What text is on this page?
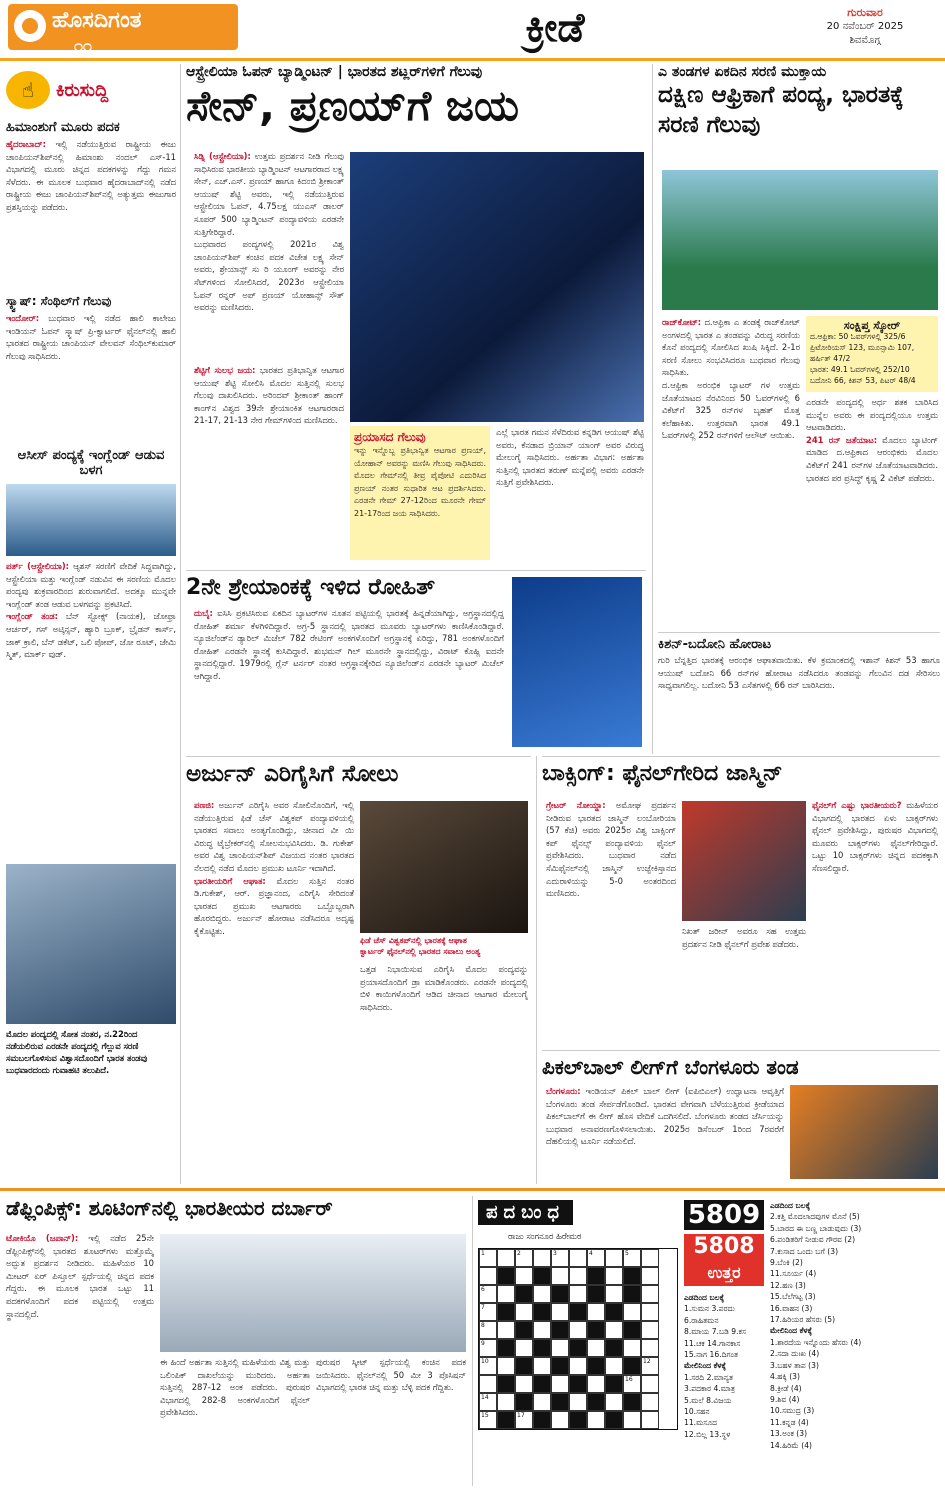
ಹೊಸದಿಗಂತ
೧೧	ಕ್ರೀಡೆ	ಗುರುವಾರ
20 ನವೆಂಬರ್ 2025
ಶಿವಮೊಗ್ಗ
☝	ಕಿರುಸುದ್ದಿ
ಹಿಮಾಂಶುಗೆ ಮೂರು ಪದಕ

ಹೈದರಾಬಾದ್: ಇಲ್ಲಿ ನಡೆಯುತ್ತಿರುವ ರಾಷ್ಟ್ರೀಯ ಈಜು ಚಾಂಪಿಯನ್‌ಶಿಪ್‌ನಲ್ಲಿ ಹಿಮಾಂಶು ನಂದಲ್ ಎಸ್-11 ವಿಭಾಗದಲ್ಲಿ ಮೂರು ಚಿನ್ನದ ಪದಕಗಳನ್ನು ಗೆದ್ದು ಗಮನ ಸೆಳೆದರು. ಈ ಮೂಲಕ ಬುಧವಾರ ಹೈದರಾಬಾದ್‌ನಲ್ಲಿ ನಡೆದ ರಾಷ್ಟ್ರೀಯ ಈಜು ಚಾಂಪಿಯನ್‌ಶಿಪ್‌ನಲ್ಲಿ ಅತ್ಯುತ್ತಮ ಈಜುಗಾರ ಪ್ರಶಸ್ತಿಯನ್ನು ಪಡೆದರು.

ಸ್ಕ್ವಾಷ್: ಸೆಂಥಿಲ್‌ಗೆ ಗೆಲುವು

ಇಂದೋರ್: ಬುಧವಾರ ಇಲ್ಲಿ ನಡೆದ ಹಾಲಿ ಕಾಲೇಜು ಇಂಡಿಯನ್ ಓಪನ್ ಸ್ಕ್ವಾಷ್ ಪ್ರಿ-ಕ್ವಾರ್ಟರ್ ಫೈನಲ್‌ನಲ್ಲಿ ಹಾಲಿ ಭಾರತದ ರಾಷ್ಟ್ರೀಯ ಚಾಂಪಿಯನ್ ವೇಲವನ್ ಸೆಂಥಿಲ್‌ಕುಮಾರ್ ಗೆಲುವು ಸಾಧಿಸಿದರು.

ಆಸೀಸ್ ಪಂದ್ಯಕ್ಕೆ ಇಂಗ್ಲೆಂಡ್ ಆಡುವ ಬಳಗ

ಪರ್ತ್ (ಆಸ್ಟ್ರೇಲಿಯಾ): ಆ್ಯಶಸ್ ಸರಣಿಗೆ ವೇದಿಕೆ ಸಿದ್ಧವಾಗಿದ್ದು, ಆಸ್ಟ್ರೇಲಿಯಾ ಮತ್ತು ಇಂಗ್ಲೆಂಡ್ ನಡುವಿನ ಈ ಸರಣಿಯ ಮೊದಲ ಪಂದ್ಯವು ಶುಕ್ರವಾರದಿಂದ ಶುರುವಾಗಲಿದೆ. ಅದಕ್ಕೂ ಮುನ್ನವೇ ಇಂಗ್ಲೆಂಡ್ ತಂಡ ಆಡುವ ಬಳಗವನ್ನು ಪ್ರಕಟಿಸಿದೆ.

ಇಂಗ್ಲೆಂಡ್ ತಂಡ: ಬೆನ್ ಸ್ಟೋಕ್ಸ್ (ನಾಯಕ), ಜೋಫ್ರಾ ಆರ್ಚರ್, ಗಸ್ ಅಟ್ಕಿನ್ಸನ್, ಹ್ಯಾರಿ ಬ್ರೂಕ್, ಬ್ರೈಡನ್ ಕಾರ್ಸ್, ಜಾಕ್ ಕ್ರಾಲಿ, ಬೆನ್ ಡಕೆಟ್, ಒಲಿ ಪೋಪ್, ಜೋ ರೂಟ್, ಜೇಮಿ ಸ್ಮಿತ್, ಮಾರ್ಕ್ ವುಡ್.

ಮೊದಲ ಪಂದ್ಯದಲ್ಲಿ ಸೋತ ನಂತರ, ನ.22ರಿಂದ ನಡೆಯಲಿರುವ ಎರಡನೇ ಪಂದ್ಯದಲ್ಲಿ ಗೆಲ್ಲುವ ಸರಣಿ ಸಮಬಲಗೊಳಿಸುವ ವಿಶ್ವಾಸದೊಂದಿಗೆ ಭಾರತ ತಂಡವು ಬುಧವಾರದಂದು ಗುವಾಹಟಿ ತಲುಪಿದೆ.
ಆಸ್ಟ್ರೇಲಿಯಾ ಓಪನ್ ಬ್ಯಾಡ್ಮಿಂಟನ್ | ಭಾರತದ ಶಟ್ಲರ್‌ಗಳಿಗೆ ಗೆಲುವು
ಸೇನ್, ಪ್ರಣಯ್‌ಗೆ ಜಯ

ಸಿಡ್ನಿ (ಆಸ್ಟ್ರೇಲಿಯಾ): ಉತ್ತಮ ಪ್ರದರ್ಶನ ನೀಡಿ ಗೆಲುವು ಸಾಧಿಸಿರುವ ಭಾರತೀಯ ಬ್ಯಾಡ್ಮಿಂಟನ್ ಆಟಗಾರರಾದ ಲಕ್ಷ್ಯ ಸೇನ್, ಎಚ್.ಎಸ್. ಪ್ರಣಯ್ ಹಾಗೂ ಕಿದಂಬಿ ಶ್ರೀಕಾಂತ್ ಆಯುಷ್ ಶೆಟ್ಟಿ ಅವರು, ಇಲ್ಲಿ ನಡೆಯುತ್ತಿರುವ ಆಸ್ಟ್ರೇಲಿಯಾ ಓಪನ್, 4.75ಲಕ್ಷ ಯುಎಸ್ ಡಾಲರ್ ಸೂಪರ್ 500 ಬ್ಯಾಡ್ಮಿಂಟನ್ ಪಂದ್ಯಾವಳಿಯ ಎರಡನೇ ಸುತ್ತಿಗೇರಿದ್ದಾರೆ.

ಬುಧವಾರದ ಪಂದ್ಯಗಳಲ್ಲಿ 2021ರ ವಿಶ್ವ ಚಾಂಪಿಯನ್‌ಶಿಪ್ ಕಂಚಿನ ಪದಕ ವಿಜೇತ ಲಕ್ಷ್ಯ ಸೇನ್ ಅವರು, ಶ್ರೇಯಾನ್ಸ್ ಸು ರಿ ಯೂಂಗ್ ಅವರನ್ನು ನೇರ ಸೆಟ್‌ಗಳಿಂದ ಸೋಲಿಸಿದರೆ, 2023ರ ಆಸ್ಟ್ರೇಲಿಯಾ ಓಪನ್ ರನ್ನರ್ ಅಪ್ ಪ್ರಣಯ್ ಯೋಹಾನ್ಸ್ ಸೌತ್ ಅವರನ್ನು ಮಣಿಸಿದರು.

ಶೆಟ್ಟಿಗೆ ಸುಲಭ ಜಯ: ಭಾರತದ ಪ್ರತಿಭಾನ್ವಿತ ಆಟಗಾರ ಆಯುಷ್ ಶೆಟ್ಟಿ ಸೋಲಿಸಿ ಮೊದಲ ಸುತ್ತಿನಲ್ಲಿ ಸುಲಭ ಗೆಲುವು ದಾಖಲಿಸಿದರು. ಅರಿಂದವ್ ಶ್ರೀಕಾಂತ್ ಹಾಂಗ್ ಕಾಂಗ್‌ನ ವಿಶ್ವದ 39ನೇ ಶ್ರೇಯಾಂಕಿತ ಆಟಗಾರರಾದ 21-17, 21-13 ನೇರ ಗೇಮ್‌ಗಳಿಂದ ಮಣಿಸಿದರು.

ಪ್ರಯಾಸದ ಗೆಲುವು
ಇನ್ನು ಇನ್ನೊಬ್ಬ ಪ್ರತಿಭಾನ್ವಿತ ಆಟಗಾರ ಪ್ರಣಯ್, ಯೋಹಾನ್ ಅವರನ್ನು ಮಣಿಸಿ ಗೆಲುವು ಸಾಧಿಸಿದರು. ಮೊದಲ ಗೇಮ್‌ನಲ್ಲಿ ತೀವ್ರ ಪೈಪೋಟಿ ಎದುರಿಸಿದ ಪ್ರಣಯ್ ನಂತರ ಸುಧಾರಿತ ಆಟ ಪ್ರದರ್ಶಿಸಿದರು. ಎರಡನೇ ಗೇಮ್ 27-12ರಿಂದ ಮೂರನೇ ಗೇಮ್ 21-17ರಿಂದ ಜಯ ಸಾಧಿಸಿದರು.
ಎಲ್ಲೆ ಭಾರತ ಗಮನ ಸೆಳೆದಿರುವ ಕನ್ನಡಿಗ ಆಯುಷ್ ಶೆಟ್ಟಿ ಅವರು, ಕೆನಡಾದ ಬ್ರಿಯಾನ್ ಯಾಂಗ್ ಅವರ ವಿರುದ್ಧ ಮೇಲುಗೈ ಸಾಧಿಸಿದರು. ಅರ್ಹತಾ ವಿಭಾಗ: ಅರ್ಹತಾ ಸುತ್ತಿನಲ್ಲಿ ಭಾರತದ ತರುಣ್ ಮನ್ನೆಪಲ್ಲಿ ಅವರು ಎರಡನೇ ಸುತ್ತಿಗೆ ಪ್ರವೇಶಿಸಿದರು.
2ನೇ ಶ್ರೇಯಾಂಕಕ್ಕೆ ಇಳಿದ ರೋಹಿತ್

ದುಬೈ: ಐಸಿಸಿ ಪ್ರಕಟಿಸಿರುವ ಏಕದಿನ ಬ್ಯಾಟರ್‌ಗಳ ನೂತನ ಪಟ್ಟಿಯಲ್ಲಿ ಭಾರತಕ್ಕೆ ಹಿನ್ನಡೆಯಾಗಿದ್ದು, ಅಗ್ರಸ್ಥಾನದಲ್ಲಿದ್ದ ರೋಹಿತ್ ಶರ್ಮಾ ಕೆಳಗಿಳಿದಿದ್ದಾರೆ. ಅಗ್ರ-5 ಸ್ಥಾನದಲ್ಲಿ ಭಾರತದ ಮೂವರು ಬ್ಯಾಟರ್‌ಗಳು ಕಾಣಿಸಿಕೊಂಡಿದ್ದಾರೆ. ನ್ಯೂಜಿಲೆಂಡ್‌ನ ಡ್ಯಾರಿಲ್ ಮಿಚೆಲ್ 782 ರೇಟಿಂಗ್ ಅಂಕಗಳೊಂದಿಗೆ ಅಗ್ರಸ್ಥಾನಕ್ಕೆ ಏರಿದ್ದು, 781 ಅಂಕಗಳೊಂದಿಗೆ ರೋಹಿತ್ ಎರಡನೇ ಸ್ಥಾನಕ್ಕೆ ಕುಸಿದಿದ್ದಾರೆ. ಶುಭಮನ್ ಗಿಲ್ ಮೂರನೇ ಸ್ಥಾನದಲ್ಲಿದ್ದು, ವಿರಾಟ್ ಕೊಹ್ಲಿ ಐದನೇ ಸ್ಥಾನದಲ್ಲಿದ್ದಾರೆ. 1979ರಲ್ಲಿ ಗ್ಲೆನ್ ಟರ್ನರ್ ನಂತರ ಅಗ್ರಸ್ಥಾನಕ್ಕೇರಿದ ನ್ಯೂಜಿಲೆಂಡ್‌ನ ಎರಡನೇ ಬ್ಯಾಟರ್ ಮಿಚೆಲ್ ಆಗಿದ್ದಾರೆ.

ಎ ತಂಡಗಳ ಏಕದಿನ ಸರಣಿ ಮುಕ್ತಾಯ
ದಕ್ಷಿಣ ಆಫ್ರಿಕಾಗೆ ಪಂದ್ಯ, ಭಾರತಕ್ಕೆ ಸರಣಿ ಗೆಲುವು

ರಾಜ್‌ಕೋಟ್: ದ.ಆಫ್ರಿಕಾ ಎ ತಂಡಕ್ಕೆ ರಾಜ್‌ಕೋಟ್ ಅಂಗಳದಲ್ಲಿ ಭಾರತ ಎ ತಂಡವನ್ನು ವಿರುದ್ಧ ಸರಣಿಯ ಕೊನೆ ಪಂದ್ಯದಲ್ಲಿ ಸೋಲಿಸಿದ ಖುಷಿ ಸಿಕ್ಕಿದೆ. 2-1ರ ಸರಣಿ ಸೋಲು ಸಂಭವಿಸಿದರೂ ಬುಧವಾರ ಗೆಲುವು ಸಾಧಿಸಿತು.

ದ.ಆಫ್ರಿಕಾ ಅರಂಭಿಕ ಬ್ಯಾಟರ್ ಗಳ ಉತ್ತಮ ಜೊತೆಯಾಟದ ನೆರವಿನಿಂದ 50 ಓವರ್‌ಗಳಲ್ಲಿ 6 ವಿಕೆಟ್‌ಗೆ 325 ರನ್‌ಗಳ ಬೃಹತ್ ಮೊತ್ತ ಕಲೆಹಾಕಿತು. ಉತ್ತರವಾಗಿ ಭಾರತ 49.1 ಓವರ್‌ಗಳಲ್ಲಿ 252 ರನ್‌ಗಳಿಗೆ ಆಲೌಟ್ ಆಯಿತು.

ಸಂಕ್ಷಿಪ್ತ ಸ್ಕೋರ್
ದ.ಆಫ್ರಿಕಾ: 50 ಓವರ್‌ಗಳಲ್ಲಿ 325/6
ಪ್ರಿಟೋರಿಯಸ್ 123, ಮೂನ್ಸಾಮಿ 107,
ಹರ್ಷಿತ್ 47/2
ಭಾರತ: 49.1 ಓವರ್‌ಗಳಲ್ಲಿ 252/10
ಬದೋನಿ 66, ಕಿಶನ್ 53, ಪಿಟರ್ 48/4

ಎರಡನೇ ಪಂದ್ಯದಲ್ಲಿ ಅರ್ಧ ಶತಕ ಬಾರಿಸಿದ ಮುನ್ನೆಲ ಅವರು ಈ ಪಂದ್ಯದಲ್ಲಿಯೂ ಉತ್ತಮ ಆಟವಾಡಿದರು.

241 ರನ್ ಜತೆಯಾಟ: ಮೊದಲು ಬ್ಯಾಟಿಂಗ್ ಮಾಡಿದ ದ.ಆಫ್ರಿಕಾದ ಆರಂಭಿಕರು ಮೊದಲ ವಿಕೆಟ್‌ಗೆ 241 ರನ್‌ಗಳ ಜೊತೆಯಾಟವಾಡಿದರು. ಭಾರತದ ಪರ ಪ್ರಸಿದ್ಧ್ ಕೃಷ್ಣ 2 ವಿಕೆಟ್ ಪಡೆದರು.

ಕಿಶನ್-ಬದೋನಿ ಹೋರಾಟ
ಗುರಿ ಬೆನ್ನತ್ತಿದ ಭಾರತಕ್ಕೆ ಆರಂಭಿಕ ಆಘಾತವಾಯಿತು. ಕೆಳ ಕ್ರಮಾಂಕದಲ್ಲಿ ಇಶಾನ್ ಕಿಶನ್ 53 ಹಾಗೂ ಆಯುಷ್ ಬದೋನಿ 66 ರನ್‌ಗಳ ಹೋರಾಟ ನಡೆಸಿದರೂ ತಂಡವನ್ನು ಗೆಲುವಿನ ದಡ ಸೇರಿಸಲು ಸಾಧ್ಯವಾಗಲಿಲ್ಲ. ಬದೋನಿ 53 ಎಸೆತಗಳಲ್ಲಿ 66 ರನ್ ಬಾರಿಸಿದರು.
ಅರ್ಜುನ್ ಎರಿಗೈಸಿಗೆ ಸೋಲು

ಪಣಜಿ: ಅರ್ಜುನ್ ಎರಿಗೈಸಿ ಅವರ ಸೋಲಿನೊಂದಿಗೆ, ಇಲ್ಲಿ ನಡೆಯುತ್ತಿರುವ ಫಿಡೆ ಚೆಸ್ ವಿಶ್ವಕಪ್ ಪಂದ್ಯಾವಳಿಯಲ್ಲಿ ಭಾರತದ ಸವಾಲು ಅಂತ್ಯಗೊಂಡಿದ್ದು, ಚೀನಾದ ವೀ ಯಿ ವಿರುದ್ಧ ಟೈಬ್ರೇಕರ್‌ನಲ್ಲಿ ಸೋಲನುಭವಿಸಿದರು. ಡಿ. ಗುಕೇಶ್ ಅವರ ವಿಶ್ವ ಚಾಂಪಿಯನ್‌ಶಿಪ್ ವಿಜಯದ ನಂತರ ಭಾರತದ ನೆಲದಲ್ಲಿ ನಡೆದ ಮೊದಲ ಪ್ರಮುಖ ಟೂರ್ನಿ ಇದಾಗಿದೆ.

ಭಾರತೀಯರಿಗೆ ಆಘಾತ: ಮೊದಲ ಸುತ್ತಿನ ನಂತರ ಡಿ.ಗುಕೇಶ್, ಆರ್. ಪ್ರಜ್ಞಾನಂದ, ಎರಿಗೈಸಿ ಸೇರಿದಂತೆ ಭಾರತದ ಪ್ರಮುಖ ಆಟಗಾರರು ಒಬ್ಬೊಬ್ಬರಾಗಿ ಹೊರಬಿದ್ದರು. ಅರ್ಜುನ್ ಹೋರಾಟ ನಡೆಸಿದರೂ ಅದೃಷ್ಟ ಕೈಕೊಟ್ಟಿತು.

ಫಿಡೆ ಚೆಸ್ ವಿಶ್ವಕಪ್‌ನಲ್ಲಿ ಭಾರತಕ್ಕೆ ಆಘಾತ
ಕ್ವಾರ್ಟರ್ ಫೈನಲ್‌ನಲ್ಲಿ ಭಾರತದ ಸವಾಲು ಅಂತ್ಯ
ಒತ್ತಡ ನಿಭಾಯಿಸುವ ಎರಿಗೈಸಿ ಮೊದಲ ಪಂದ್ಯವನ್ನು ಪ್ರಯಾಸದೊಂದಿಗೆ ಡ್ರಾ ಮಾಡಿಕೊಂಡರು. ಎರಡನೇ ಪಂದ್ಯದಲ್ಲಿ ಬಿಳಿ ಕಾಯಿಗಳೊಂದಿಗೆ ಆಡಿದ ಚೀನಾದ ಆಟಗಾರ ಮೇಲುಗೈ ಸಾಧಿಸಿದರು.
ಬಾಕ್ಸಿಂಗ್: ಫೈನಲ್‌ಗೇರಿದ ಜಾಸ್ಮಿನ್

ಗ್ರೇಟರ್ ನೋಯ್ಡಾ: ಅಮೋಘ ಪ್ರದರ್ಶನ ನೀಡಿರುವ ಭಾರತದ ಜಾಸ್ಮಿನ್ ಲಂಬೋರಿಯಾ (57 ಕೆಜಿ) ಅವರು 2025ರ ವಿಶ್ವ ಬಾಕ್ಸಿಂಗ್ ಕಪ್ ಫೈನಲ್ಸ್ ಪಂದ್ಯಾವಳಿಯ ಫೈನಲ್ ಪ್ರವೇಶಿಸಿದರು. ಬುಧವಾರ ನಡೆದ ಸೆಮಿಫೈನಲ್‌ನಲ್ಲಿ ಜಾಸ್ಮಿನ್ ಉಜ್ಬೇಕಿಸ್ತಾನದ ಎದುರಾಳಿಯನ್ನು 5-0 ಅಂತರದಿಂದ ಮಣಿಸಿದರು.

ನಿಖತ್ ಜರೀನ್ ಅವರೂ ಸಹ ಉತ್ತಮ ಪ್ರದರ್ಶನ ನೀಡಿ ಫೈನಲ್‌ಗೆ ಪ್ರವೇಶ ಪಡೆದರು.

ಫೈನಲ್‌ಗೆ ಎಷ್ಟು ಭಾರತೀಯರು? ಮಹಿಳೆಯರ ವಿಭಾಗದಲ್ಲಿ ಭಾರತದ ಏಳು ಬಾಕ್ಸರ್‌ಗಳು ಫೈನಲ್ ಪ್ರವೇಶಿಸಿದ್ದು, ಪುರುಷರ ವಿಭಾಗದಲ್ಲಿ ಮೂವರು ಬಾಕ್ಸರ್‌ಗಳು ಫೈನಲ್‌ಗೇರಿದ್ದಾರೆ. ಒಟ್ಟು 10 ಬಾಕ್ಸರ್‌ಗಳು ಚಿನ್ನದ ಪದಕಕ್ಕಾಗಿ ಸೆಣಸಲಿದ್ದಾರೆ.

ಪಿಕಲ್‌ಬಾಲ್ ಲೀಗ್‌ಗೆ ಬೆಂಗಳೂರು ತಂಡ

ಬೆಂಗಳೂರು: ಇಂಡಿಯನ್ ಪಿಕಲ್ ಬಾಲ್ ಲೀಗ್ (ಐಪಿಬಿಎಲ್) ಉದ್ಘಾಟನಾ ಆವೃತ್ತಿಗೆ ಬೆಂಗಳೂರು ತಂಡ ಸೇರ್ಪಡೆಗೊಂಡಿದೆ. ಭಾರತದ ವೇಗವಾಗಿ ಬೆಳೆಯುತ್ತಿರುವ ಕ್ರೀಡೆಯಾದ ಪಿಕಲ್‌ಬಾಲ್‌ಗೆ ಈ ಲೀಗ್ ಹೊಸ ವೇದಿಕೆ ಒದಗಿಸಲಿದೆ. ಬೆಂಗಳೂರು ತಂಡದ ಜೆರ್ಸಿಯನ್ನು ಬುಧವಾರ ಅನಾವರಣಗೊಳಿಸಲಾಯಿತು. 2025ರ ಡಿಸೆಂಬರ್ 1ರಿಂದ 7ರವರೆಗೆ ದೆಹಲಿಯಲ್ಲಿ ಟೂರ್ನಿ ನಡೆಯಲಿದೆ.

ಡೆಫ್ಲಿಂಪಿಕ್ಸ್: ಶೂಟಿಂಗ್‌ನಲ್ಲಿ ಭಾರತೀಯರ ದರ್ಬಾರ್

ಟೋಕಿಯೊ (ಜಪಾನ್): ಇಲ್ಲಿ ನಡೆದ 25ನೇ ಡೆಫ್ಲಿಂಪಿಕ್ಸ್‌ನಲ್ಲಿ ಭಾರತದ ಶೂಟರ್‌ಗಳು ಮತ್ತೊಮ್ಮೆ ಅದ್ಭುತ ಪ್ರದರ್ಶನ ನೀಡಿದರು. ಮಹಿಳೆಯರ 10 ಮೀಟರ್ ಏರ್ ಪಿಸ್ತೂಲ್ ಸ್ಪರ್ಧೆಯಲ್ಲಿ ಚಿನ್ನದ ಪದಕ ಗೆದ್ದರು. ಈ ಮೂಲಕ ಭಾರತ ಒಟ್ಟು 11 ಪದಕಗಳೊಂದಿಗೆ ಪದಕ ಪಟ್ಟಿಯಲ್ಲಿ ಉತ್ತಮ ಸ್ಥಾನದಲ್ಲಿದೆ.

ಈ ಹಿಂದೆ ಅರ್ಹತಾ ಸುತ್ತಿನಲ್ಲಿ ಮಹಿಳೆಯರು ವಿಶ್ವ ಮತ್ತು ಒಲಿಂಪಿಕ್ ದಾಖಲೆಯನ್ನು ಮುರಿದರು. ಅರ್ಹತಾ ಸುತ್ತಿನಲ್ಲಿ 287-12 ಅಂಕ ಪಡೆದರು. ಪುರುಷರ ವಿಭಾಗದಲ್ಲಿ 282-8 ಅಂಕಗಳೊಂದಿಗೆ ಫೈನಲ್ ಪ್ರವೇಶಿಸಿದರು.
ಪುರುಷರ ಸ್ಕೀಟ್ ಸ್ಪರ್ಧೆಯಲ್ಲಿ ಕಂಚಿನ ಪದಕ ಜಯಿಸಿದರು. ಫೈನಲ್‌ನಲ್ಲಿ 50 ಮೀ 3 ಪೊಸಿಷನ್ ವಿಭಾಗದಲ್ಲಿ ಭಾರತ ಚಿನ್ನ ಮತ್ತು ಬೆಳ್ಳಿ ಪದಕ ಗೆದ್ದಿತು.
ಪದಬಂಧ
ರಾಜು ಸಂಗನೂರ ಹಿರೇಮಠ
1	2	3	4	5
6
7
8
9
10	12
16
14
15	17
5809
5808
ಉತ್ತರ
ಎಡದಿಂದ ಬಲಕ್ಕೆ
1.ಸುಮನ 3.ಪರದು
6.ರಾಹಿತಮನ
8.ಮಾಯ 7.ಬಡಿ 9.ಕಸ
11.ಚಕ 14.ಗಾನಕಾಸ
15.ನಾಗ 16.ದಿಗಂತ
ಮೇಲಿನಿಂದ ಕೆಳಕ್ಕೆ
1.ಸರದಿ 2.ಮಾನ್ಯತ
3.ಪದಕಾರ 4.ಮಾತ್ರ
5.ಮಲೆ 8.ವಿಜಯ
10.ಸಹನ
11.ಮಸೂದ
12.ಬಿಲ್ಲ 13.ಸ್ಥಳ
ಎಡದಿಂದ ಬಲಕ್ಕೆ
2.ಕತ್ತಿ ಮೊದಲಾದವುಗಳ ಮೊನೆ (5)
5.ಬಾರದ ಈ ಬಣ್ಣ ಬಾಡುವುದು (3)
6.ಪಂಡಿತರಿಗೆ ನೀಡುವ ಗೌರವ (2)
7.ಕುಸಾದ ಒಂದು ಬಗೆ (3)
9.ಬೆಂಕಿ (2)
11.ಸೂರ್ಯ (4)
12.ಹಣ (3)
15.ಬೆಲೆಗಟ್ಟ (3)
16.ವಾಹನ (3)
17.ಹಿರಿಯರ ಹೆಸರು (5)
ಮೇಲಿನಿಂದ ಕೆಳಕ್ಕೆ
1.ಶಾರದೆಯ ಇನ್ನೊಂದು ಹೆಸರು (4)
2.ಸದಾ ದುಃಖ (4)
3.ಬಹಳ ತಾಪ (3)
4.ಹಕ್ಕಿ (3)
8.ಕ್ರೀಡೆ (4)
9.ಶಿವ (4)
10.ಸಮುದ್ರ (3)
11.ಕನ್ನಡ (4)
13.ಅಂಕ (3)
14.ಹಿರಿಮೆ (4)
